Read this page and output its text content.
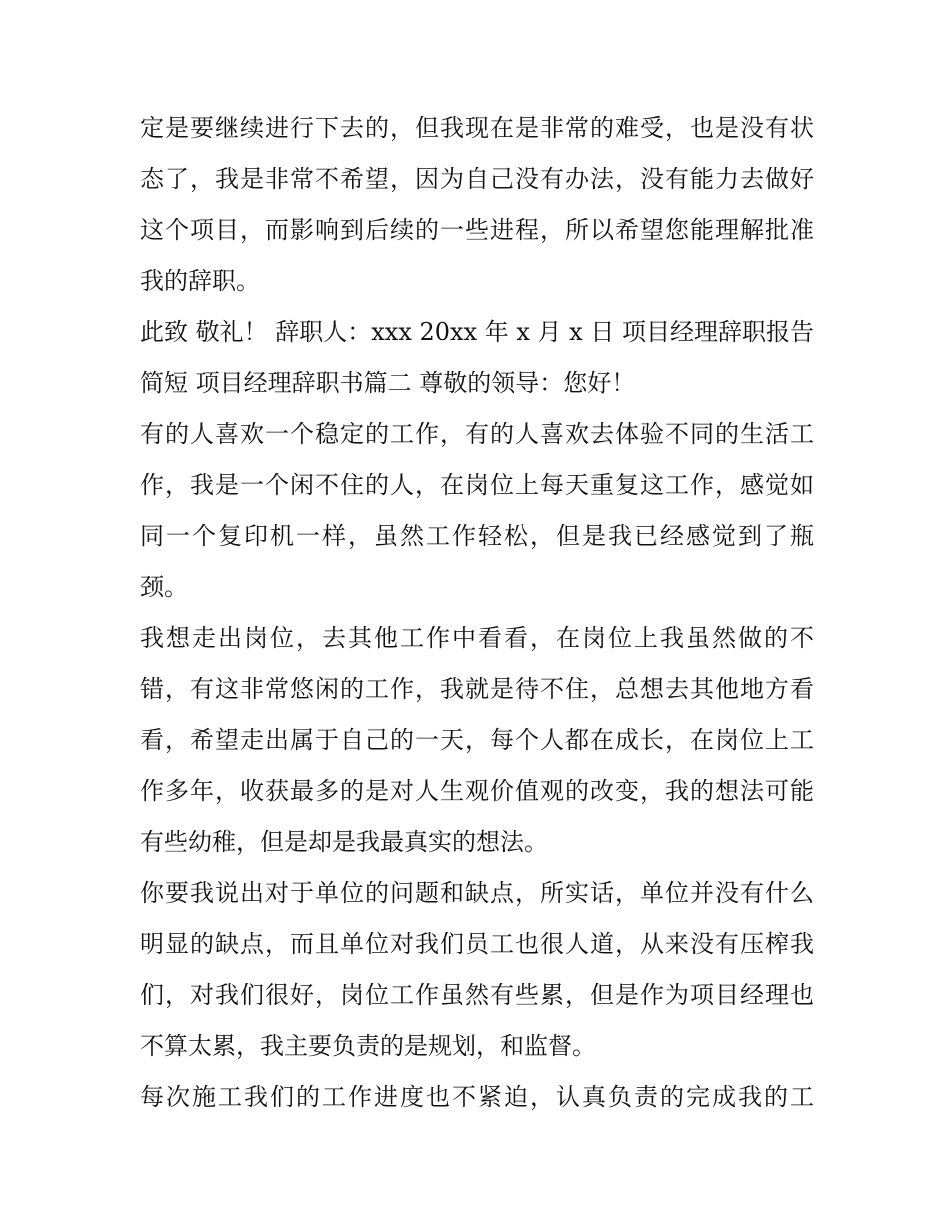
定是要继续进行下去的，但我现在是非常的难受，也是没有状
态了，我是非常不希望，因为自己没有办法，没有能力去做好
这个项目，而影响到后续的一些进程，所以希望您能理解批准
我的辞职。
此致 敬礼！ 辞职人：xxx 20xx 年 x 月 x 日 项目经理辞职报告
简短 项目经理辞职书篇二 尊敬的领导：您好！
有的人喜欢一个稳定的工作，有的人喜欢去体验不同的生活工
作，我是一个闲不住的人，在岗位上每天重复这工作，感觉如
同一个复印机一样，虽然工作轻松，但是我已经感觉到了瓶
颈。
我想走出岗位，去其他工作中看看，在岗位上我虽然做的不
错，有这非常悠闲的工作，我就是待不住，总想去其他地方看
看，希望走出属于自己的一天，每个人都在成长，在岗位上工
作多年，收获最多的是对人生观价值观的改变，我的想法可能
有些幼稚，但是却是我最真实的想法。
你要我说出对于单位的问题和缺点，所实话，单位并没有什么
明显的缺点，而且单位对我们员工也很人道，从来没有压榨我
们，对我们很好，岗位工作虽然有些累，但是作为项目经理也
不算太累，我主要负责的是规划，和监督。
每次施工我们的工作进度也不紧迫，认真负责的完成我的工
